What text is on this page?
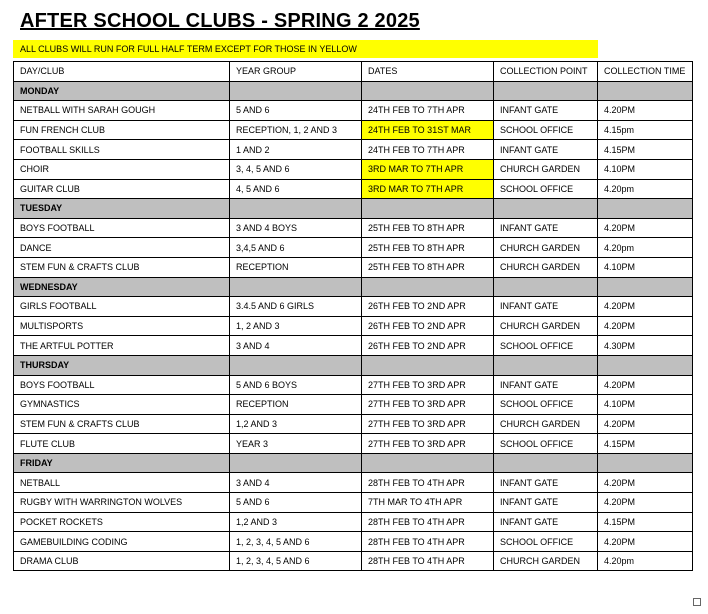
AFTER SCHOOL CLUBS - SPRING 2 2025
ALL CLUBS WILL RUN FOR FULL HALF TERM EXCEPT FOR THOSE IN YELLOW
DAY/CLUB	YEAR GROUP	DATES	COLLECTION POINT	COLLECTION TIME
MONDAY				
NETBALL WITH SARAH GOUGH	5 AND 6	24TH FEB TO 7TH APR	INFANT GATE	4.20PM
FUN FRENCH CLUB	RECEPTION, 1, 2 AND 3	24TH FEB TO 31ST MAR	SCHOOL OFFICE	4.15pm
FOOTBALL SKILLS	1 AND 2	24TH FEB TO 7TH APR	INFANT GATE	4.15PM
CHOIR	3, 4, 5 AND 6	3RD MAR TO 7TH APR	CHURCH GARDEN	4.10PM
GUITAR CLUB	4, 5 AND 6	3RD MAR TO 7TH APR	SCHOOL OFFICE	4.20pm
TUESDAY				
BOYS FOOTBALL	3 AND 4 BOYS	25TH FEB TO 8TH APR	INFANT GATE	4.20PM
DANCE	3,4,5 AND 6	25TH FEB TO 8TH APR	CHURCH GARDEN	4.20pm
STEM FUN & CRAFTS CLUB	RECEPTION	25TH FEB TO 8TH APR	CHURCH GARDEN	4.10PM
WEDNESDAY				
GIRLS FOOTBALL	3.4.5 AND 6 GIRLS	26TH FEB TO 2ND APR	INFANT GATE	4.20PM
MULTISPORTS	1, 2 AND 3	26TH FEB TO 2ND APR	CHURCH GARDEN	4.20PM
THE ARTFUL POTTER	3 AND 4	26TH FEB TO 2ND APR	SCHOOL OFFICE	4.30PM
THURSDAY				
BOYS FOOTBALL	5 AND 6 BOYS	27TH FEB TO 3RD APR	INFANT GATE	4.20PM
GYMNASTICS	RECEPTION	27TH FEB TO 3RD APR	SCHOOL OFFICE	4.10PM
STEM FUN & CRAFTS CLUB	1,2 AND 3	27TH FEB TO 3RD APR	CHURCH GARDEN	4.20PM
FLUTE CLUB	YEAR 3	27TH FEB TO 3RD APR	SCHOOL OFFICE	4.15PM
FRIDAY				
NETBALL	3 AND 4	28TH FEB TO 4TH APR	INFANT GATE	4.20PM
RUGBY WITH WARRINGTON WOLVES	5 AND 6	7TH MAR TO 4TH APR	INFANT GATE	4.20PM
POCKET ROCKETS	1,2 AND 3	28TH FEB TO 4TH APR	INFANT GATE	4.15PM
GAMEBUILDING CODING	1, 2, 3, 4, 5 AND 6	28TH FEB TO 4TH APR	SCHOOL OFFICE	4.20PM
DRAMA CLUB	1, 2, 3, 4, 5 AND 6	28TH FEB TO 4TH APR	CHURCH GARDEN	4.20pm
